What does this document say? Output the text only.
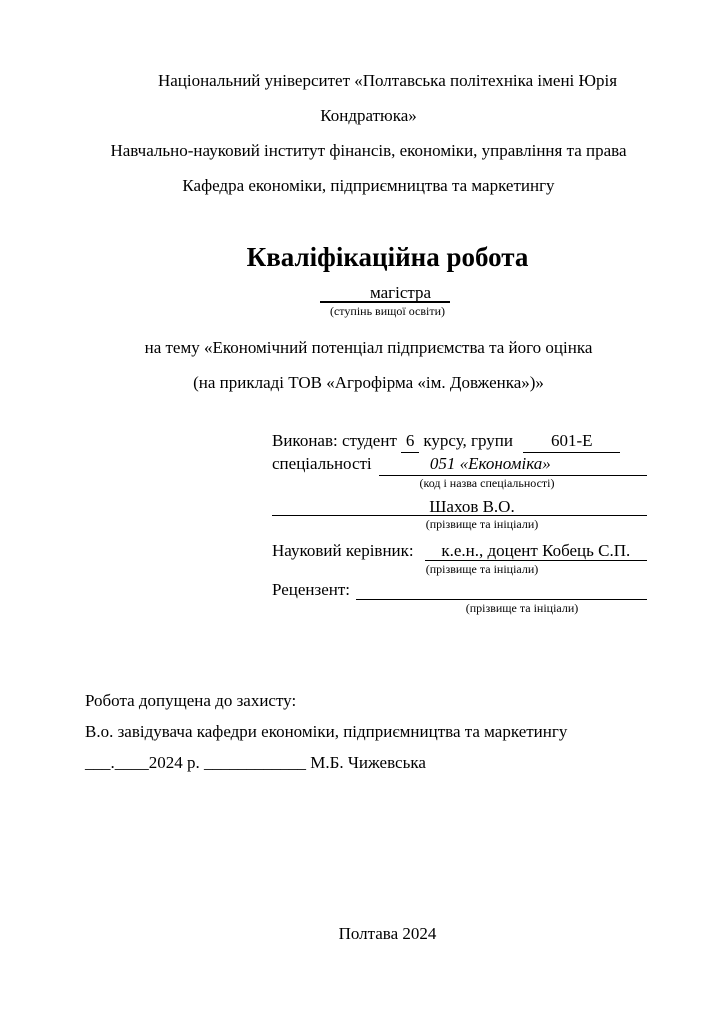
Національний університет «Полтавська політехніка імені Юрія Кондратюка»
Навчально-науковий інститут фінансів, економіки, управління та права
Кафедра економіки, підприємництва та маркетингу
Кваліфікаційна робота
магістра
(ступінь вищої освіти)
на тему «Економічний потенціал підприємства та його оцінка
(на прикладі ТОВ «Агрофірма «ім. Довженка»)»
Виконав: студент 6 курсу, групи 601-Е
спеціальності	051 «Економіка»
(код і назва спеціальності)
Шахов В.О.
(прізвище та ініціали)
Науковий керівник:	к.е.н., доцент Кобець С.П.
(прізвище та ініціали)
Рецензент:
(прізвище та ініціали)
Робота допущена до захисту:
В.о. завідувача кафедри економіки, підприємництва та маркетингу
___.____2024 р. ____________ М.Б. Чижевська
Полтава 2024
